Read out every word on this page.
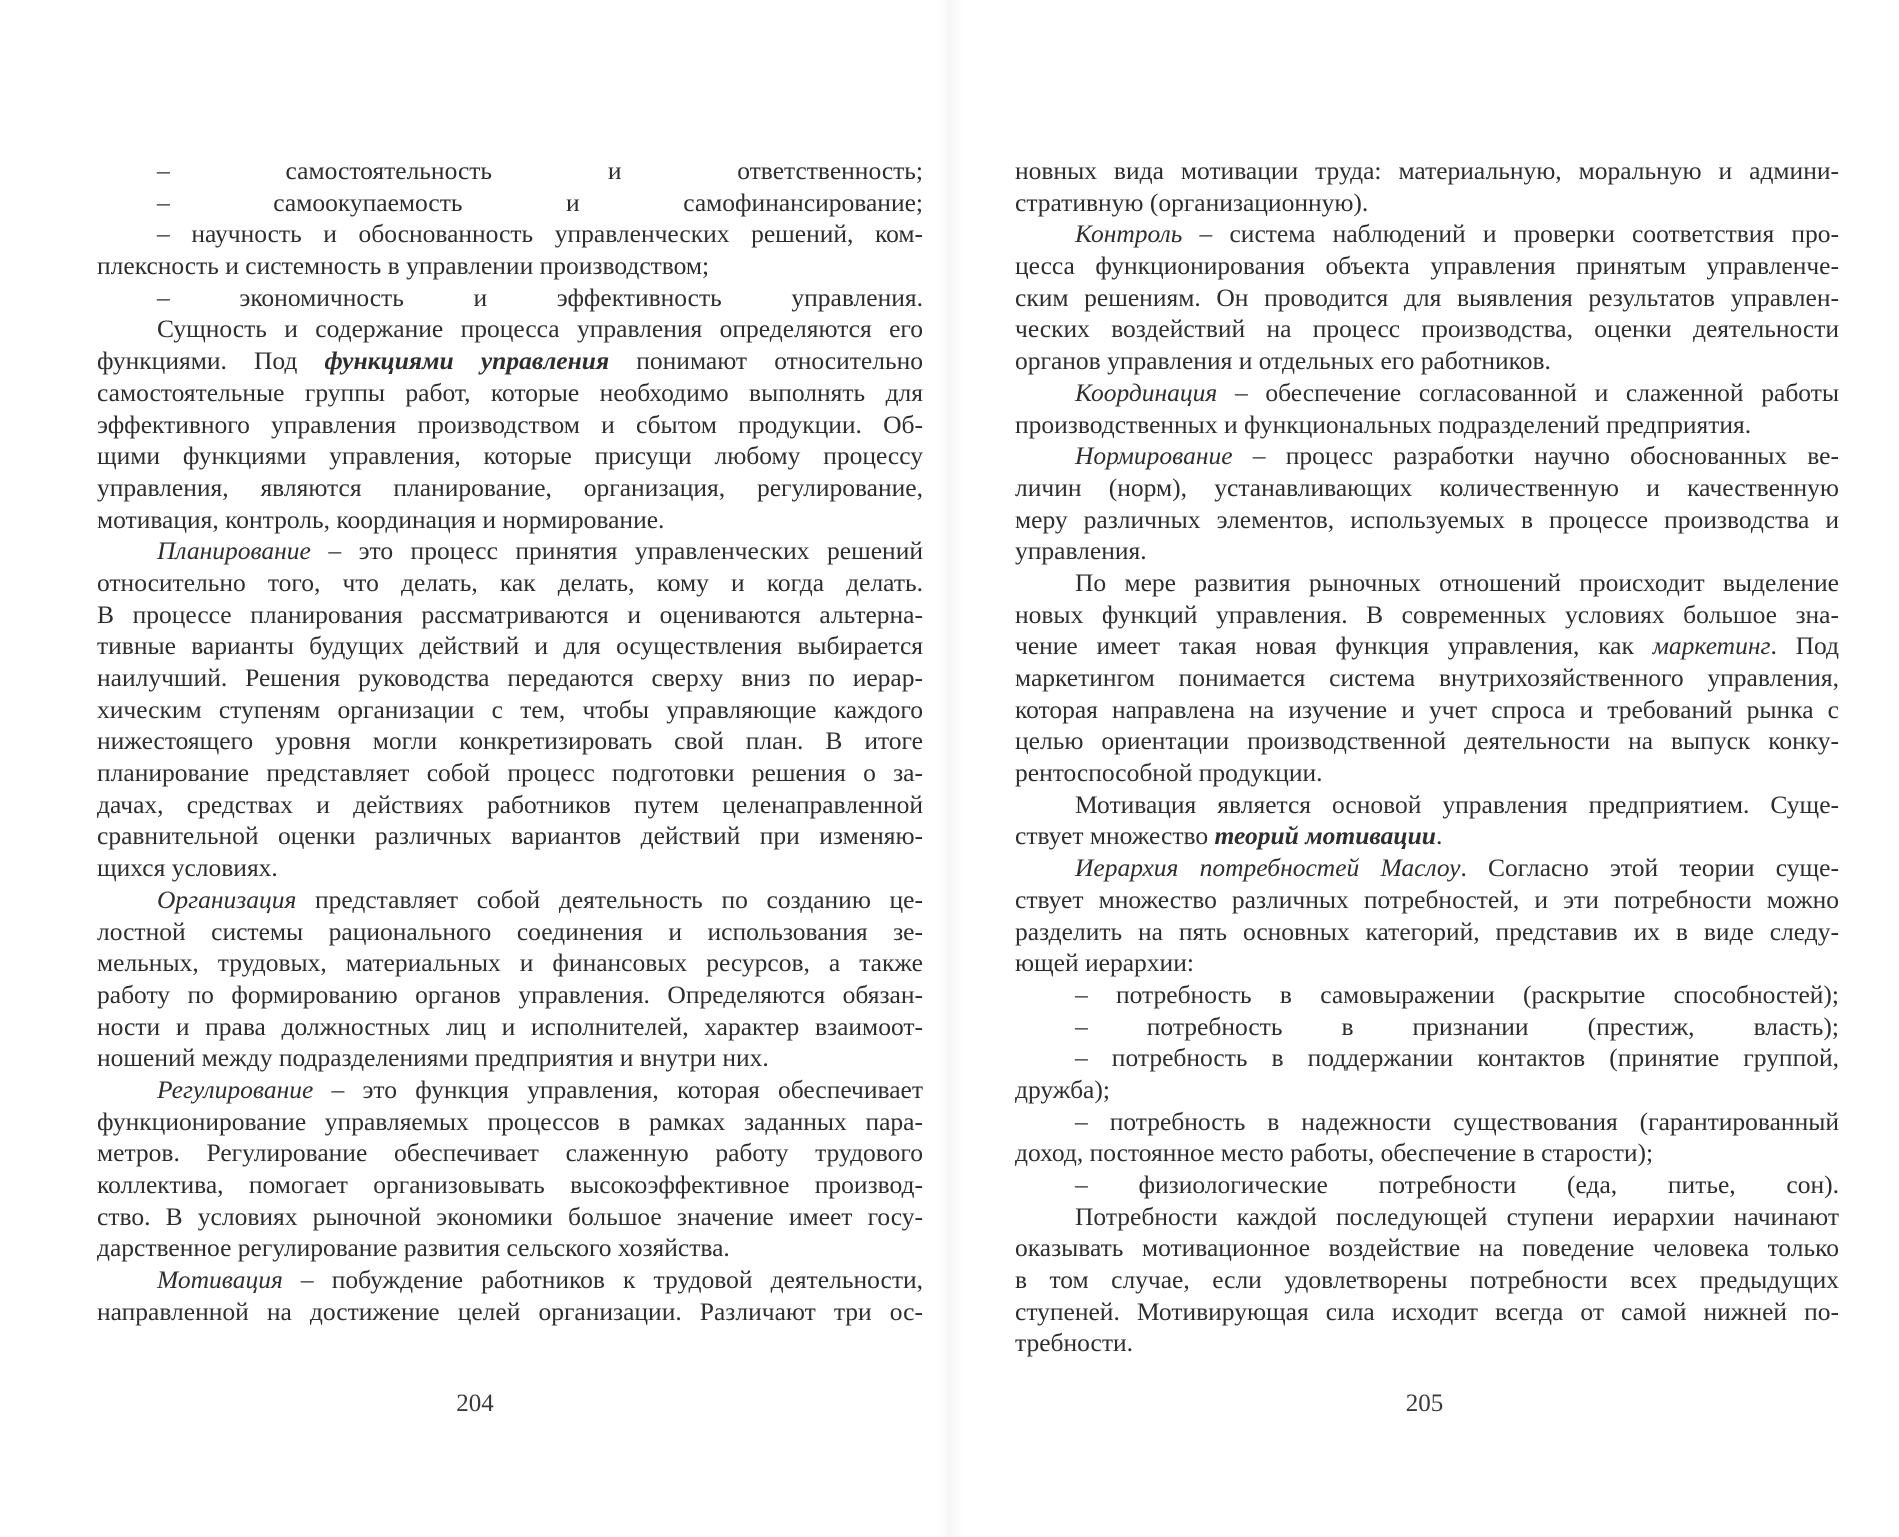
– самостоятельность и ответственность;
– самоокупаемость и самофинансирование;
– научность и обоснованность управленческих решений, ком-
плексность и системность в управлении производством;
– экономичность и эффективность управления.
Сущность и содержание процесса управления определяются его
функциями. Под функциями управления понимают относительно
самостоятельные группы работ, которые необходимо выполнять для
эффективного управления производством и сбытом продукции. Об-
щими функциями управления, которые присущи любому процессу
управления, являются планирование, организация, регулирование,
мотивация, контроль, координация и нормирование.
Планирование – это процесс принятия управленческих решений
относительно того, что делать, как делать, кому и когда делать.
В процессе планирования рассматриваются и оцениваются альтерна-
тивные варианты будущих действий и для осуществления выбирается
наилучший. Решения руководства передаются сверху вниз по иерар-
хическим ступеням организации с тем, чтобы управляющие каждого
нижестоящего уровня могли конкретизировать свой план. В итоге
планирование представляет собой процесс подготовки решения о за-
дачах, средствах и действиях работников путем целенаправленной
сравнительной оценки различных вариантов действий при изменяю-
щихся условиях.
Организация представляет собой деятельность по созданию це-
лостной системы рационального соединения и использования зе-
мельных, трудовых, материальных и финансовых ресурсов, а также
работу по формированию органов управления. Определяются обязан-
ности и права должностных лиц и исполнителей, характер взаимоот-
ношений между подразделениями предприятия и внутри них.
Регулирование – это функция управления, которая обеспечивает
функционирование управляемых процессов в рамках заданных пара-
метров. Регулирование обеспечивает слаженную работу трудового
коллектива, помогает организовывать высокоэффективное производ-
ство. В условиях рыночной экономики большое значение имеет госу-
дарственное регулирование развития сельского хозяйства.
Мотивация – побуждение работников к трудовой деятельности,
направленной на достижение целей организации. Различают три ос-
204
новных вида мотивации труда: материальную, моральную и админи-
стративную (организационную).
Контроль – система наблюдений и проверки соответствия про-
цесса функционирования объекта управления принятым управленче-
ским решениям. Он проводится для выявления результатов управлен-
ческих воздействий на процесс производства, оценки деятельности
органов управления и отдельных его работников.
Координация – обеспечение согласованной и слаженной работы
производственных и функциональных подразделений предприятия.
Нормирование – процесс разработки научно обоснованных ве-
личин (норм), устанавливающих количественную и качественную
меру различных элементов, используемых в процессе производства и
управления.
По мере развития рыночных отношений происходит выделение
новых функций управления. В современных условиях большое зна-
чение имеет такая новая функция управления, как маркетинг. Под
маркетингом понимается система внутрихозяйственного управления,
которая направлена на изучение и учет спроса и требований рынка с
целью ориентации производственной деятельности на выпуск конку-
рентоспособной продукции.
Мотивация является основой управления предприятием. Суще-
ствует множество теорий мотивации.
Иерархия потребностей Маслоу. Согласно этой теории суще-
ствует множество различных потребностей, и эти потребности можно
разделить на пять основных категорий, представив их в виде следу-
ющей иерархии:
– потребность в самовыражении (раскрытие способностей);
– потребность в признании (престиж, власть);
– потребность в поддержании контактов (принятие группой,
дружба);
– потребность в надежности существования (гарантированный
доход, постоянное место работы, обеспечение в старости);
– физиологические потребности (еда, питье, сон).
Потребности каждой последующей ступени иерархии начинают
оказывать мотивационное воздействие на поведение человека только
в том случае, если удовлетворены потребности всех предыдущих
ступеней. Мотивирующая сила исходит всегда от самой нижней по-
требности.
205
